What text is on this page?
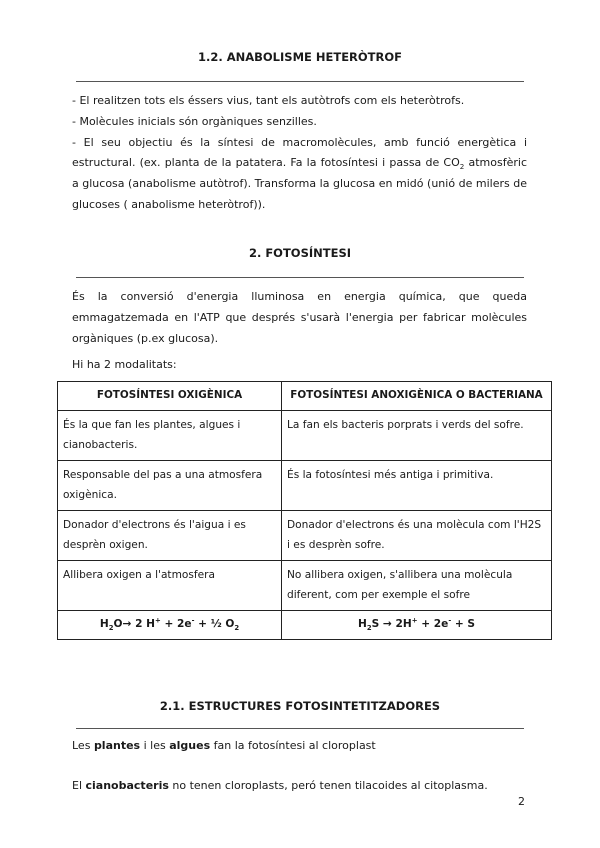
1.2. ANABOLISME HETERÒTROF

- El realitzen tots els éssers vius, tant els autòtrofs com els heteròtrofs.

- Molècules inicials són orgàniques senzilles.

- El seu objectiu és la síntesi de macromolècules, amb funció energètica i estructural. (ex. planta de la patatera. Fa la fotosíntesi i passa de $CO_2$ atmosfèric a glucosa (anabolisme autòtrof). Transforma la glucosa en midó (unió de milers de glucoses ( anabolisme heteròtrof)).

2. FOTOSÍNTESI

És la conversió d'energia lluminosa en energia química, que queda emmagatzemada en l'ATP que després s'usarà l'energia per fabricar molècules orgàniques (p.ex glucosa).

Hi ha 2 modalitats:

FOTOSÍNTESI OXIGÈNICA	FOTOSÍNTESI ANOXIGÈNICA O BACTERIANA
És la que fan les plantes, algues i cianobacteris.	La fan els bacteris porprats i verds del sofre.
Responsable del pas a una atmosfera oxigènica.	És la fotosíntesi més antiga i primitiva.
Donador d'electrons és l'aigua i es desprèn oxigen.	Donador d'electrons és una molècula com l'H2S i es desprèn sofre.
Allibera oxigen a l'atmosfera	No allibera oxigen, s'allibera una molècula diferent, com per exemple el sofre
$H_2O\to 2$ H+ + 2e- + ½ $O_2$	$H_2S \to 2H^+ + 2e^- + S$
2.1. ESTRUCTURES FOTOSINTETITZADORES

Les plantes i les algues fan la fotosíntesi al cloroplast

El cianobacteris no tenen cloroplasts, peró tenen tilacoides al citoplasma.

2
